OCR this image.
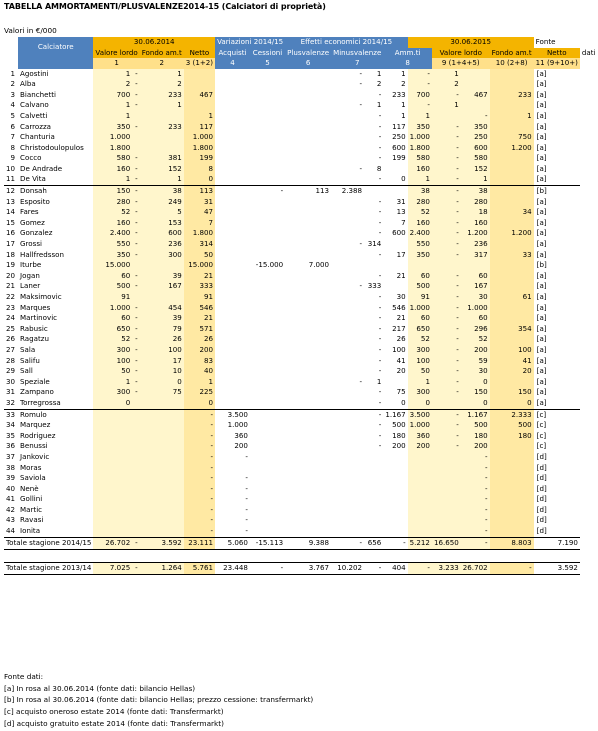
TABELLA AMMORTAMENTI/PLUSVALENZE2014-15 (Calciatori di proprietà)
Valori in €/000
	Calciatore	30.06.2014				Variazioni 2014/15		Effetti economici 2014/15				30.06.2015				Fonte	
		Valore lordo		Fondo am.t	Netto	Acquisti	Cessioni	Plusvalenze	Minusvalenze		Amm.ti		Valore lordo		Fondo am.t	Netto	dati
		1		2	3 (1+2)	4	5	6	7		8		9 (1+4+5)		10 (2+8)	11 (9+10+)	
1	Agostini	1	-	1					-	1	1	-	1			[a]	
2	Alba	2	-	2					-	2	2	-	2			[a]	
3	Bianchetti	700	-	233	467					-	233	700	-	467	233	[a]	
4	Calvano	1	-	1					-	1	1	-	1			[a]	
5	Calvetti	1			1					-	1	1		-	1	[a]	
6	Carrozza	350	-	233	117					-	117	350	-	350		[a]	
7	Chanturia	1.000			1.000					-	250	1.000	-	250	750	[a]	
8	Christodoulopulos	1.800			1.800					-	600	1.800	-	600	1.200	[a]	
9	Cocco	580	-	381	199					-	199	580	-	580		[a]	
10	De Andrade	160	-	152	8				-	8		160	-	152		[a]	
11	De Vita	1	-	1	0					-	0	1	-	1		[a]	
12	Donsah	150	-	38	113		-	113	2.388			38	-	38		[b]	
13	Esposito	280	-	249	31					-	31	280	-	280		[a]	
14	Fares	52	-	5	47					-	13	52	-	18	34	[a]	
15	Gomez	160	-	153	7					-	7	160	-	160		[a]	
16	Gonzalez	2.400	-	600	1.800					-	600	2.400	-	1.200	1.200	[a]	
17	Grossi	550	-	236	314				-	314		550	-	236		[a]	
18	Hallfredsson	350	-	300	50					-	17	350	-	317	33	[a]	
19	Iturbe	15.000			15.000		-15.000	7.000								[b]	
20	Jogan	60	-	39	21					-	21	60	-	60		[a]	
21	Laner	500	-	167	333				-	333		500	-	167		[a]	
22	Maksimovic	91			91					-	30	91	-	30	61	[a]	
23	Marques	1.000	-	454	546					-	546	1.000	-	1.000		[a]	
24	Martinovic	60	-	39	21					-	21	60	-	60		[a]	
25	Rabusic	650	-	79	571					-	217	650	-	296	354	[a]	
26	Ragatzu	52	-	26	26					-	26	52	-	52		[a]	
27	Sala	300	-	100	200					-	100	300	-	200	100	[a]	
28	Salifu	100	-	17	83					-	41	100	-	59	41	[a]	
29	Sall	50	-	10	40					-	20	50	-	30	20	[a]	
30	Speziale	1	-	0	1				-	1		1	-	0		[a]	
31	Zampano	300	-	75	225					-	75	300	-	150	150	[a]	
32	Torregrossa	0			0					-	0	0		0	0	[a]	
33	Romulo				-	3.500				-	1.167	3.500	-	1.167	2.333	[c]	
34	Marquez				-	1.000				-	500	1.000	-	500	500	[c]	
35	Rodriguez				-	360				-	180	360	-	180	180	[c]	
36	Benussi				-	200				-	200	200	-	200		[c]	
37	Jankovic				-	-								-		[d]	
38	Moras				-									-		[d]	
39	Saviola				-	-								-		[d]	
40	Nenè				-	-								-		[d]	
41	Gollini				-	-								-		[d]	
42	Martic				-	-								-		[d]	
43	Ravasi				-	-								-		[d]	
44	Ionita				-	-								-		[d]	
Totale stagione 2014/15		26.702	-	3.592	23.111	5.060	-15.113	9.388	-	656	-	5.212	16.650	-	8.803	7.190	

Totale stagione 2013/14		7.025	-	1.264	5.761	23.448	-	3.767	10.202	-	404	-	3.233	26.702	-	3.592	
Fonte dati:
[a] In rosa al 30.06.2014 (fonte dati: bilancio Hellas)
[b] In rosa al 30.06.2014 (fonte dati: bilancio Hellas; prezzo cessione: transfermarkt)
[c] acquisto oneroso estate 2014 (fonte dati: Transfermarkt)
[d] acquisto gratuito estate 2014 (fonte dati: Transfermarkt)
